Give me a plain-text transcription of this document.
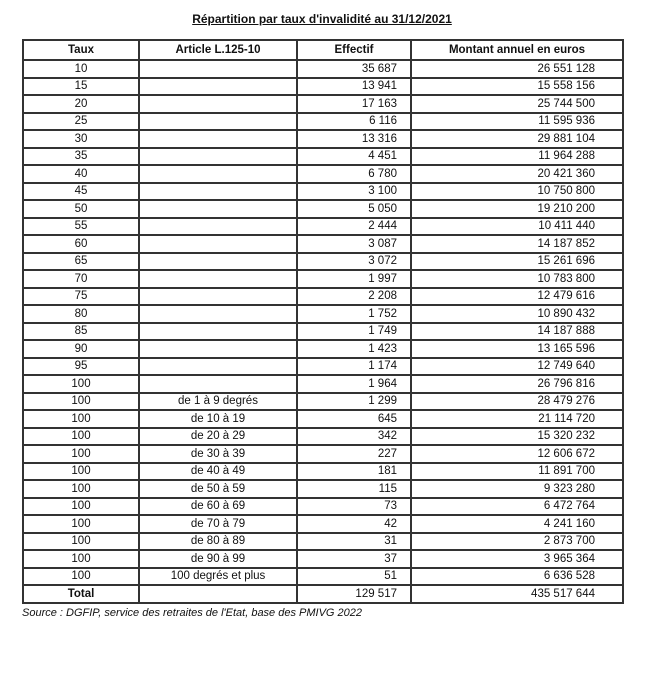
Répartition par taux d'invalidité au 31/12/2021
Taux	Article L.125-10	Effectif	Montant annuel en euros
10		35 687	26 551 128
15		13 941	15 558 156
20		17 163	25 744 500
25		6 116	11 595 936
30		13 316	29 881 104
35		4 451	11 964 288
40		6 780	20 421 360
45		3 100	10 750 800
50		5 050	19 210 200
55		2 444	10 411 440
60		3 087	14 187 852
65		3 072	15 261 696
70		1 997	10 783 800
75		2 208	12 479 616
80		1 752	10 890 432
85		1 749	14 187 888
90		1 423	13 165 596
95		1 174	12 749 640
100		1 964	26 796 816
100	de 1 à 9 degrés	1 299	28 479 276
100	de 10 à 19	645	21 114 720
100	de 20 à 29	342	15 320 232
100	de 30 à 39	227	12 606 672
100	de 40 à 49	181	11 891 700
100	de 50 à 59	115	9 323 280
100	de 60 à 69	73	6 472 764
100	de 70 à 79	42	4 241 160
100	de 80 à 89	31	2 873 700
100	de 90 à 99	37	3 965 364
100	100 degrés et plus	51	6 636 528
Total		129 517	435 517 644
Source : DGFIP, service des retraites de l'Etat, base des PMIVG 2022
